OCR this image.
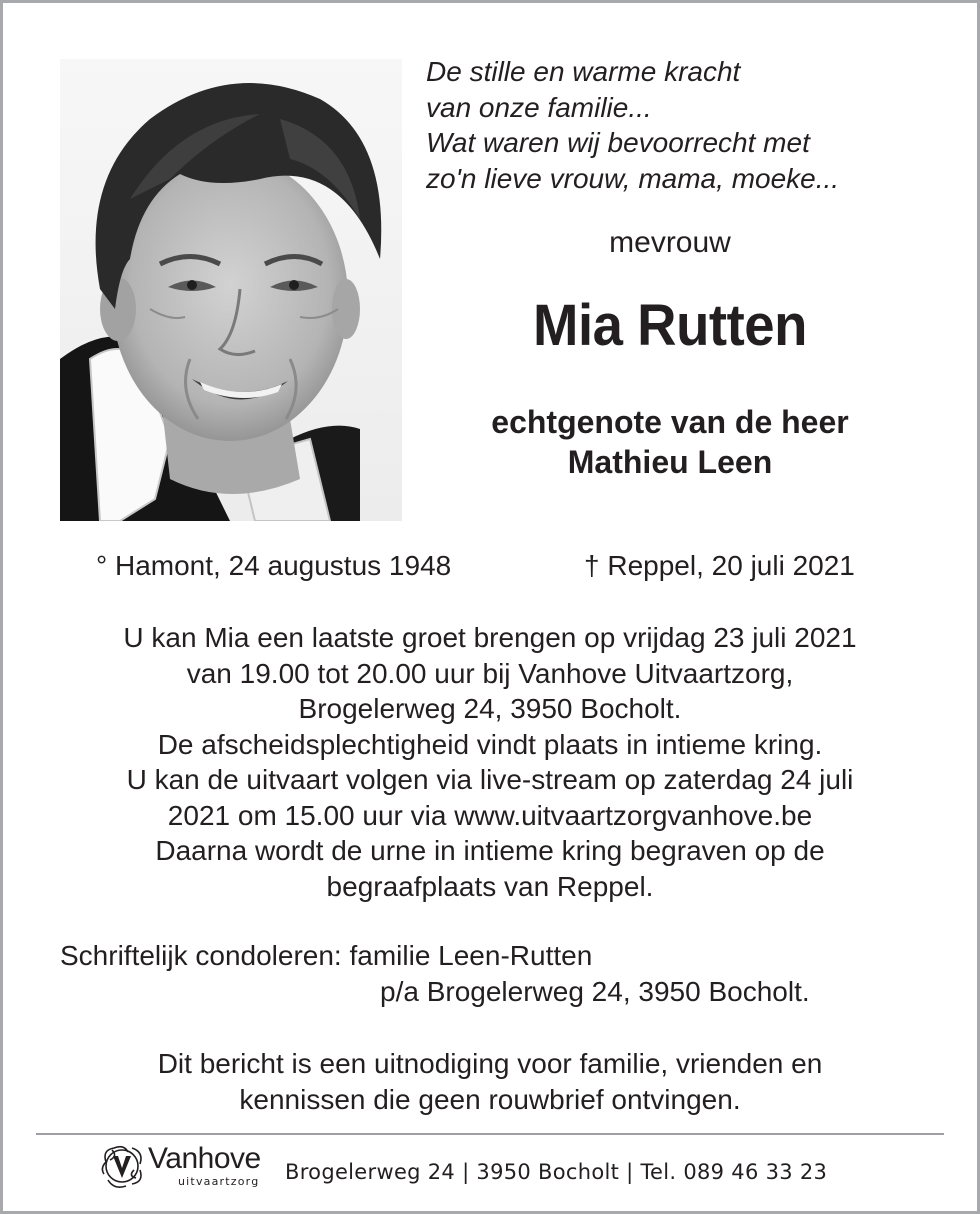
De stille en warme kracht
van onze familie...
Wat waren wij bevoorrecht met
zo'n lieve vrouw, mama, moeke...
mevrouw
Mia Rutten
echtgenote van de heer
Mathieu Leen
° Hamont, 24 augustus 1948	† Reppel, 20 juli 2021
U kan Mia een laatste groet brengen op vrijdag 23 juli 2021
van 19.00 tot 20.00 uur bij Vanhove Uitvaartzorg,
Brogelerweg 24, 3950 Bocholt.
De afscheidsplechtigheid vindt plaats in intieme kring.
U kan de uitvaart volgen via live-stream op zaterdag 24 juli
2021 om 15.00 uur via www.uitvaartzorgvanhove.be
Daarna wordt de urne in intieme kring begraven op de
begraafplaats van Reppel.
Schriftelijk condoleren: familie Leen-Rutten
p/a Brogelerweg 24, 3950 Bocholt.
Dit bericht is een uitnodiging voor familie, vrienden en
kennissen die geen rouwbrief ontvingen.
Vanhove
uitvaartzorg Brogelerweg 24 | 3950 Bocholt | Tel. 089 46 33 23
